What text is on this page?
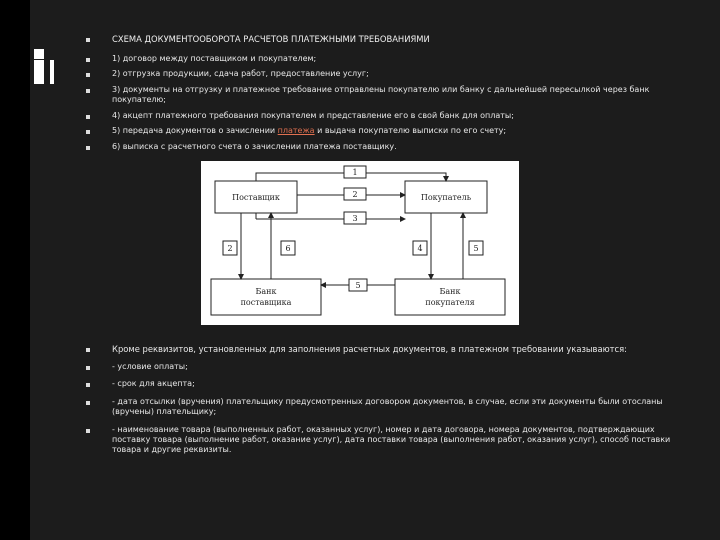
СХЕМА ДОКУМЕНТООБОРОТА РАСЧЕТОВ ПЛАТЕЖНЫМИ ТРЕБОВАНИЯМИ
1) договор между поставщиком и покупателем;
2) отгрузка продукции, сдача работ, предоставление услуг;
3) документы на отгрузку и платежное требование отправлены покупателю или банку с дальнейшей пересылкой через банк покупателю;
4) акцепт платежного требования покупателем и представление его в свой банк для оплаты;
5) передача документов о зачислении платежа и выдача покупателю выписки по его счету;
6) выписка с расчетного счета о зачислении платежа поставщику.
Поставщик	Покупатель
Банк
поставщика
Банк
покупателя
1
2
3
2	6	4	5
5
Кроме реквизитов, установленных для заполнения расчетных документов, в платежном требовании указываются:
- условие оплаты;
- срок для акцепта;
- дата отсылки (вручения) плательщику предусмотренных договором документов, в случае, если эти документы были отосланы (вручены) плательщику;
- наименование товара (выполненных работ, оказанных услуг), номер и дата договора, номера документов, подтверждающих поставку товара (выполнение работ, оказание услуг), дата поставки товара (выполнения работ, оказания услуг), способ поставки товара и другие реквизиты.
